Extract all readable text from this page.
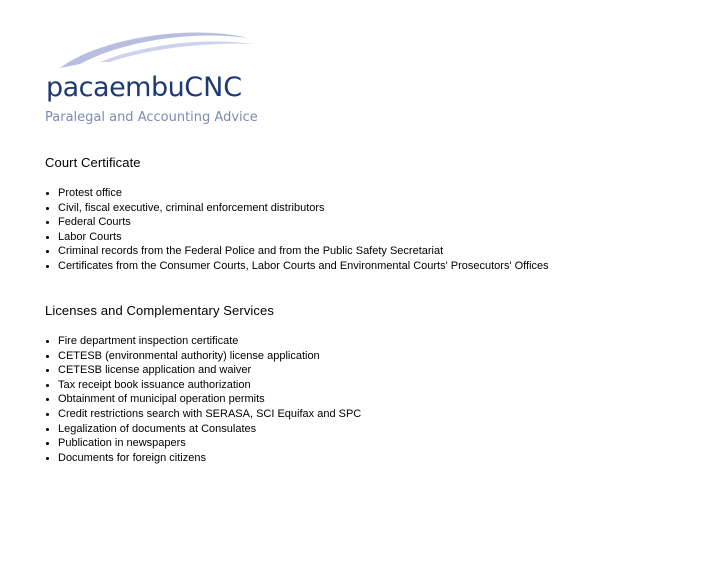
pacaembuCNC
Paralegal and Accounting Advice
Court Certificate
Protest office
Civil, fiscal executive, criminal enforcement distributors
Federal Courts
Labor Courts
Criminal records from the Federal Police and from the Public Safety Secretariat
Certificates from the Consumer Courts, Labor Courts and Environmental Courts' Prosecutors' Offices
Licenses and Complementary Services
Fire department inspection certificate
CETESB (environmental authority) license application
CETESB license application and waiver
Tax receipt book issuance authorization
Obtainment of municipal operation permits
Credit restrictions search with SERASA, SCI Equifax and SPC
Legalization of documents at Consulates
Publication in newspapers
Documents for foreign citizens
